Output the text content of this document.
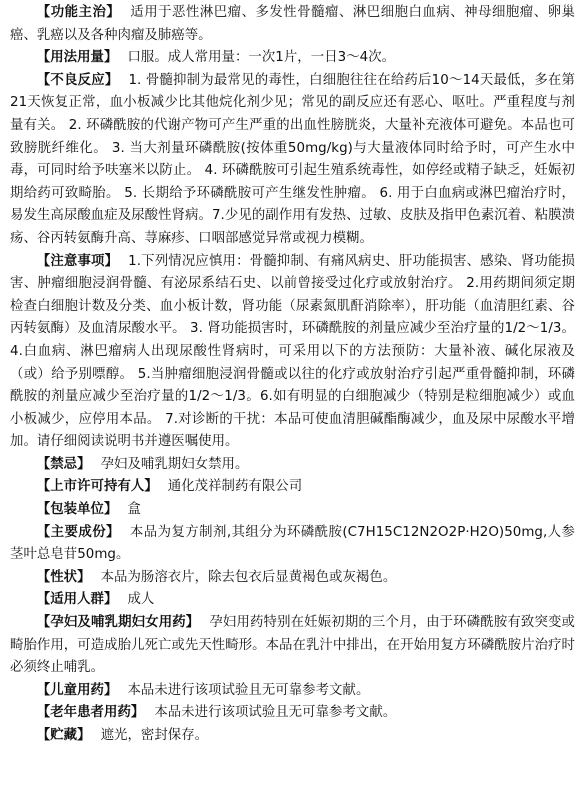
【功能主治】 适用于恶性淋巴瘤、多发性骨髓瘤、淋巴细胞白血病、神母细胞瘤、卵巢癌、乳癌以及各种肉瘤及肺癌等。

【用法用量】 口服。成人常用量：一次1片，一日3～4次。

【不良反应】 1. 骨髓抑制为最常见的毒性，白细胞往往在给药后10～14天最低，多在第21天恢复正常，血小板减少比其他烷化剂少见；常见的副反应还有恶心、呕吐。严重程度与剂量有关。 2. 环磷酰胺的代谢产物可产生严重的出血性膀胱炎，大量补充液体可避免。本品也可致膀胱纤维化。 3. 当大剂量环磷酰胺(按体重50mg/kg)与大量液体同时给予时，可产生水中毒，可同时给予呋塞米以防止。 4. 环磷酰胺可引起生殖系统毒性，如停经或精子缺乏，妊娠初期给药可致畸胎。 5. 长期给予环磷酰胺可产生继发性肿瘤。 6. 用于白血病或淋巴瘤治疗时，易发生高尿酸血症及尿酸性肾病。7.少见的副作用有发热、过敏、皮肤及指甲色素沉着、粘膜溃疡、谷丙转氨酶升高、荨麻疹、口咽部感觉异常或视力模糊。

【注意事项】 1.下列情况应慎用：骨髓抑制、有痛风病史、肝功能损害、感染、肾功能损害、肿瘤细胞浸润骨髓、有泌尿系结石史、以前曾接受过化疗或放射治疗。 2.用药期间须定期检查白细胞计数及分类、血小板计数，肾功能（尿素氮肌酐消除率），肝功能（血清胆红素、谷丙转氨酶）及血清尿酸水平。 3. 肾功能损害时，环磷酰胺的剂量应减少至治疗量的1/2～1/3。 4.白血病、淋巴瘤病人出现尿酸性肾病时，可采用以下的方法预防：大量补液、碱化尿液及（或）给予别嘌醇。 5.当肿瘤细胞浸润骨髓或以往的化疗或放射治疗引起严重骨髓抑制，环磷酰胺的剂量应减少至治疗量的1/2～1/3。6.如有明显的白细胞减少（特别是粒细胞减少）或血小板减少，应停用本品。 7.对诊断的干扰：本品可使血清胆碱酯酶减少，血及尿中尿酸水平增加。请仔细阅读说明书并遵医嘱使用。

【禁忌】 孕妇及哺乳期妇女禁用。

【上市许可持有人】 通化茂祥制药有限公司

【包装单位】 盒

【主要成份】 本品为复方制剂,其组分为环磷酰胺(C7H15C12N2O2P·H2O)50mg,人参茎叶总皂苷50mg。

【性状】 本品为肠溶衣片，除去包衣后显黄褐色或灰褐色。

【适用人群】 成人

【孕妇及哺乳期妇女用药】 孕妇用药特别在妊娠初期的三个月，由于环磷酰胺有致突变或畸胎作用，可造成胎儿死亡或先天性畸形。本品在乳汁中排出，在开始用复方环磷酰胺片治疗时必须终止哺乳。

【儿童用药】 本品未进行该项试验且无可靠参考文献。

【老年患者用药】 本品未进行该项试验且无可靠参考文献。

【贮藏】 遮光，密封保存。
